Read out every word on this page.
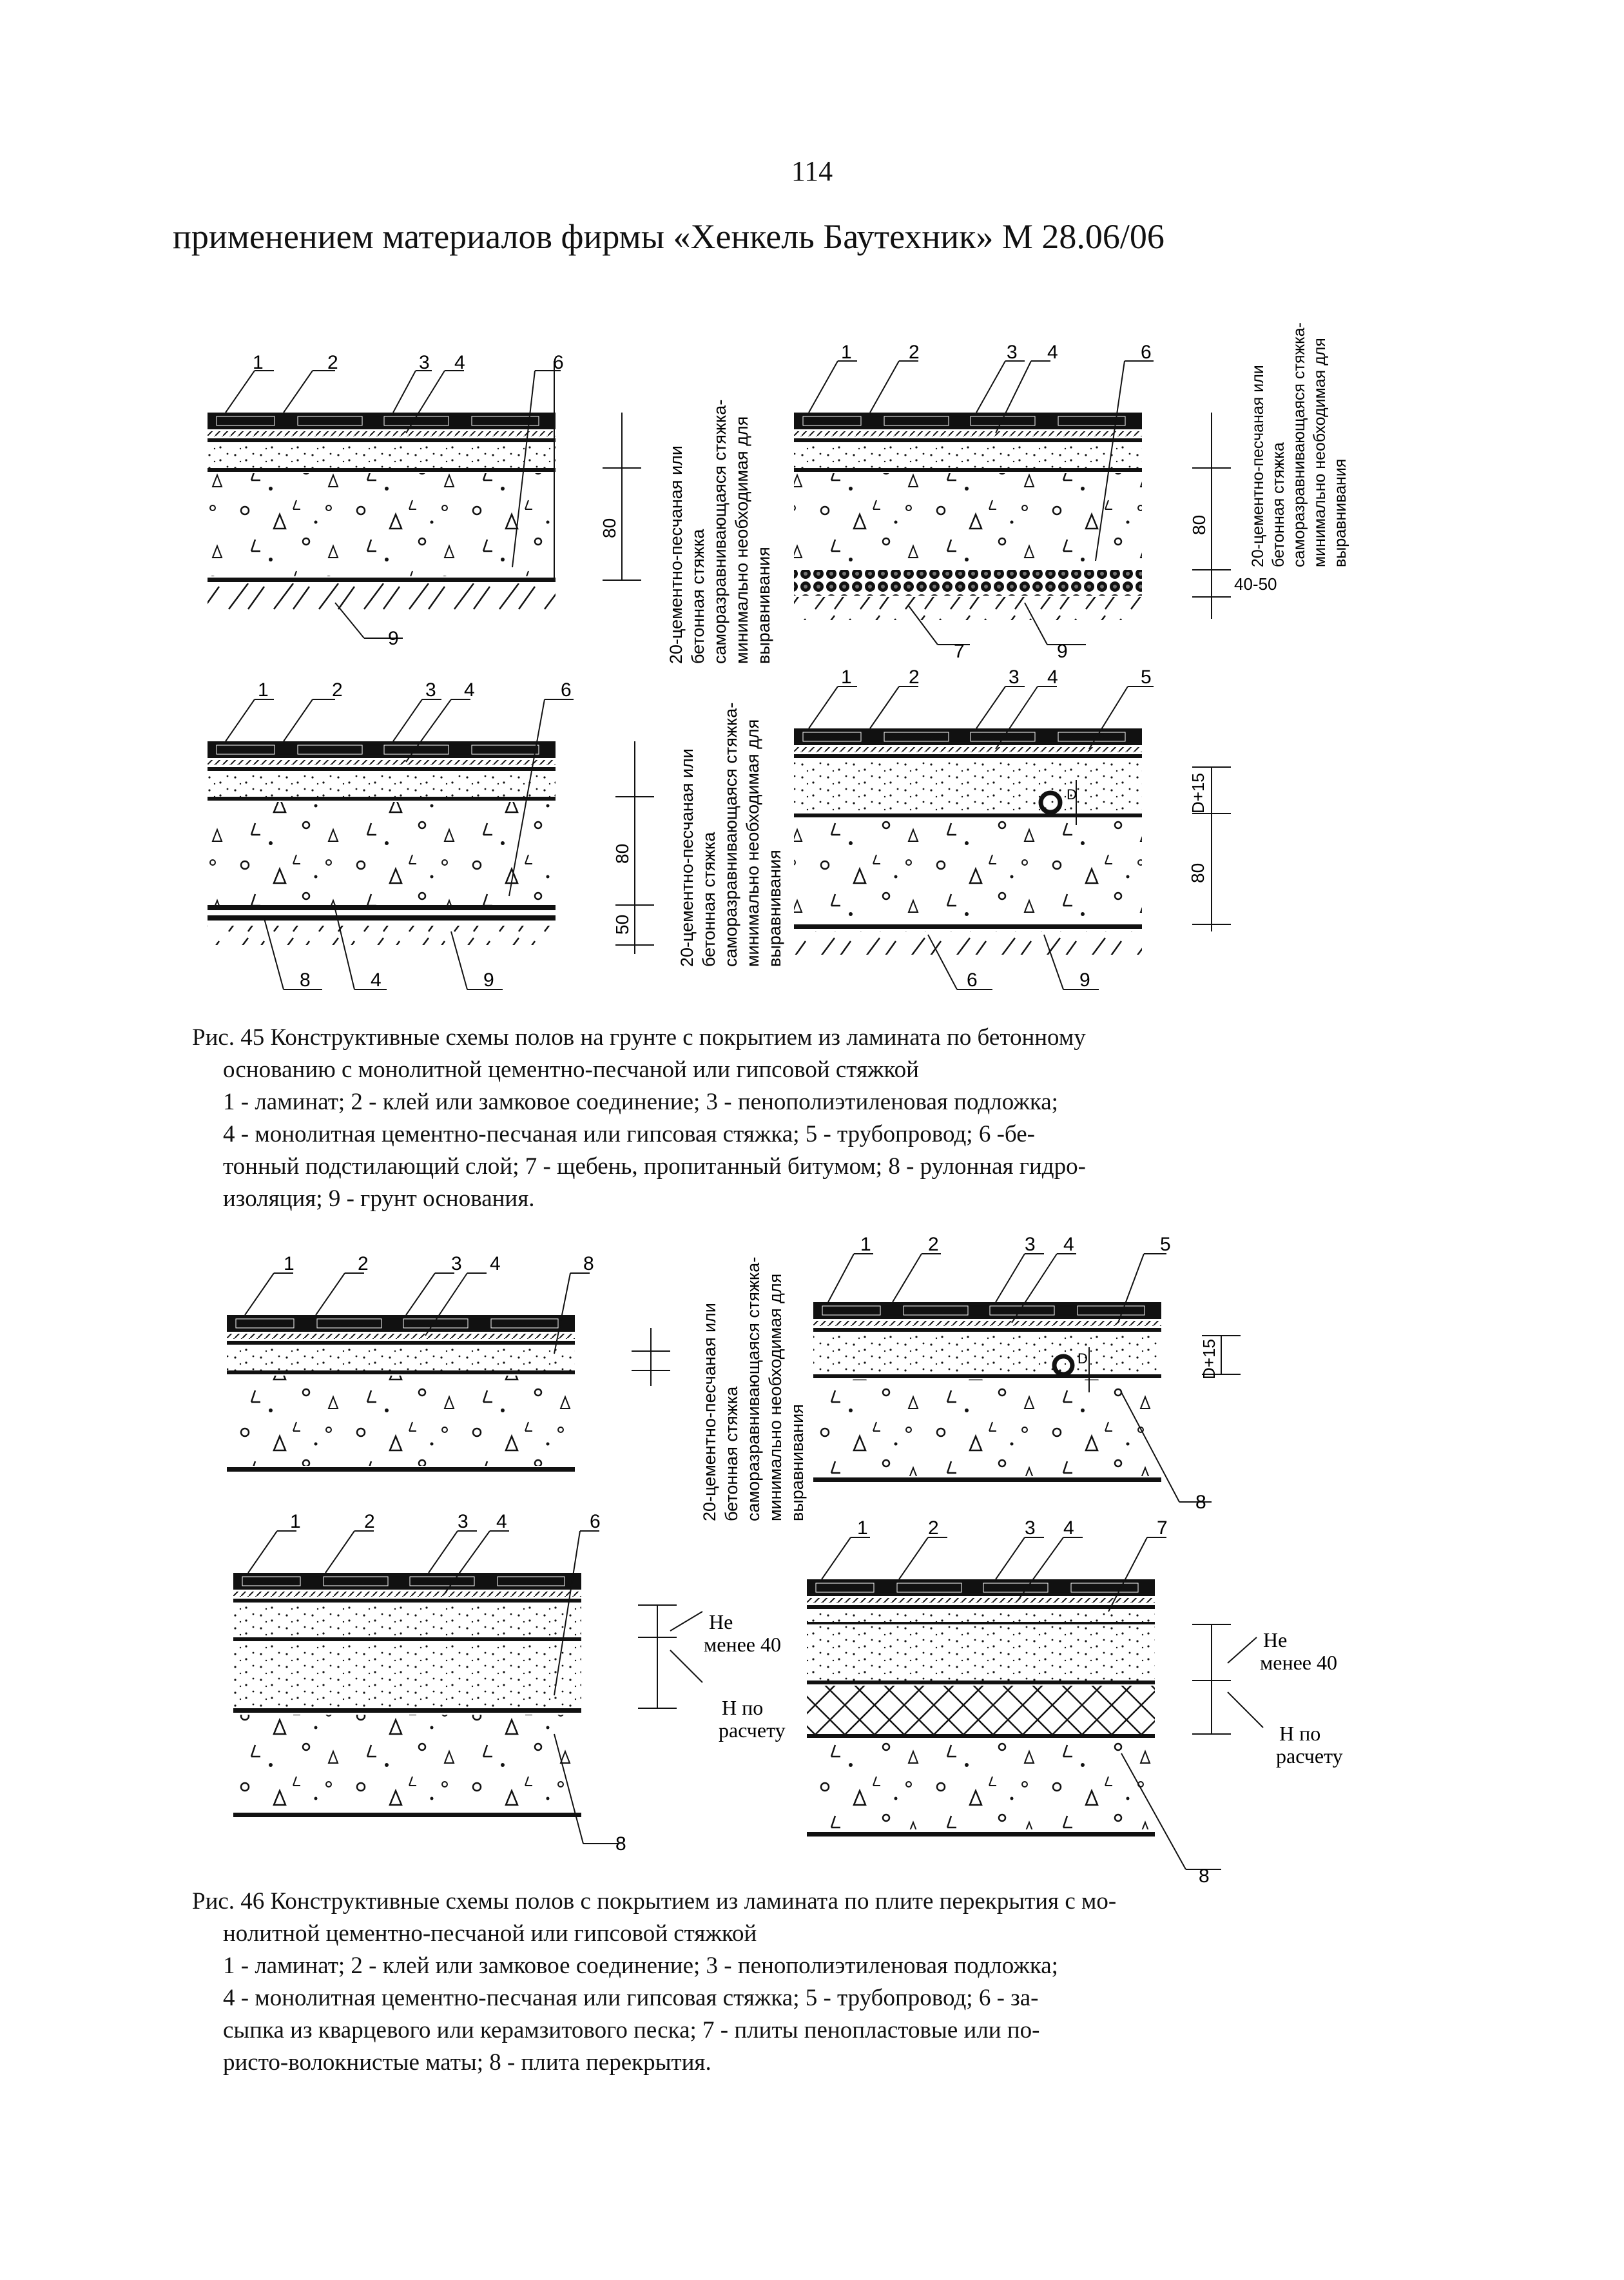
114
применением материалов фирмы «Хенкель Баутехник» М 28.06/06
1	2	3 4	6
9
80	20-цементно-песчаная или бетонная стяжка саморазравнивающаяся стяжка- минимально необходимая для выравнивания
1	2	3 4	6
7	9
80
40-50
20-цементно-песчаная или бетонная стяжка саморазравнивающаяся стяжка- минимально необходимая для выравнивания
1	2	3 4	6
8	4	9
80
50	20-цементно-песчаная или бетонная стяжка саморазравнивающаяся стяжка- минимально необходимая для выравнивания
1	2	3 4	5
6	9
D	D+15
80
1	2	3 4	8
20-цементно-песчаная или бетонная стяжка саморазравнивающаяся стяжка- минимально необходимая для выравнивания
1	2	3 4	5
8
D	D+15
1	2	3 4	6
8
Не
менее 40
Н по
расчету
1	2	3 4	7
8
Не
менее 40
Н по
расчету
Рис. 45 Конструктивные схемы полов на грунте с покрытием из ламината по бетонному
основанию с монолитной цементно-песчаной или гипсовой стяжкой
1 - ламинат; 2 - клей или замковое соединение; 3 - пенополиэтиленовая подложка;
4 - монолитная цементно-песчаная или гипсовая стяжка; 5 - трубопровод; 6 -бе-
тонный подстилающий слой; 7 - щебень, пропитанный битумом; 8 - рулонная гидро-
изоляция; 9 - грунт основания.
Рис. 46 Конструктивные схемы полов с покрытием из ламината по плите перекрытия с мо-
нолитной цементно-песчаной или гипсовой стяжкой
1 - ламинат; 2 - клей или замковое соединение; 3 - пенополиэтиленовая подложка;
4 - монолитная цементно-песчаная или гипсовая стяжка; 5 - трубопровод; 6 - за-
сыпка из кварцевого или керамзитового песка; 7 - плиты пенопластовые или по-
ристо-волокнистые маты; 8 - плита перекрытия.
